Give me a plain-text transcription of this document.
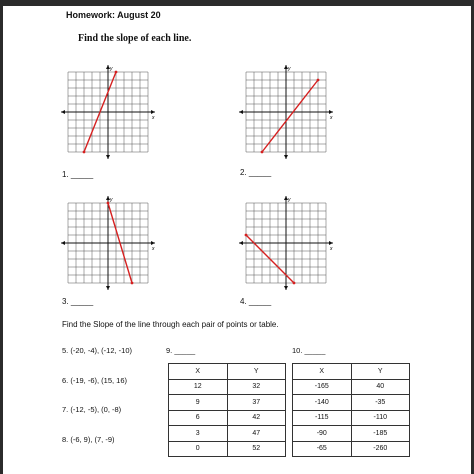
Homework: August 20
Find the slope of each line.
y
x
1. _____
y
x
2. _____
y
x
3. _____
y
x
4. _____
Find the Slope of the line through each pair of points or table.
5. (-20, -4), (-12, -10)
6. (-19, -6), (15, 16)
7. (-12, -5), (0, -8)
8. (-6, 9), (7, -9)
9. _____	10. _____
X	Y
12	32
9	37
6	42
3	47
0	52
X	Y
-165	40
-140	-35
-115	-110
-90	-185
-65	-260
